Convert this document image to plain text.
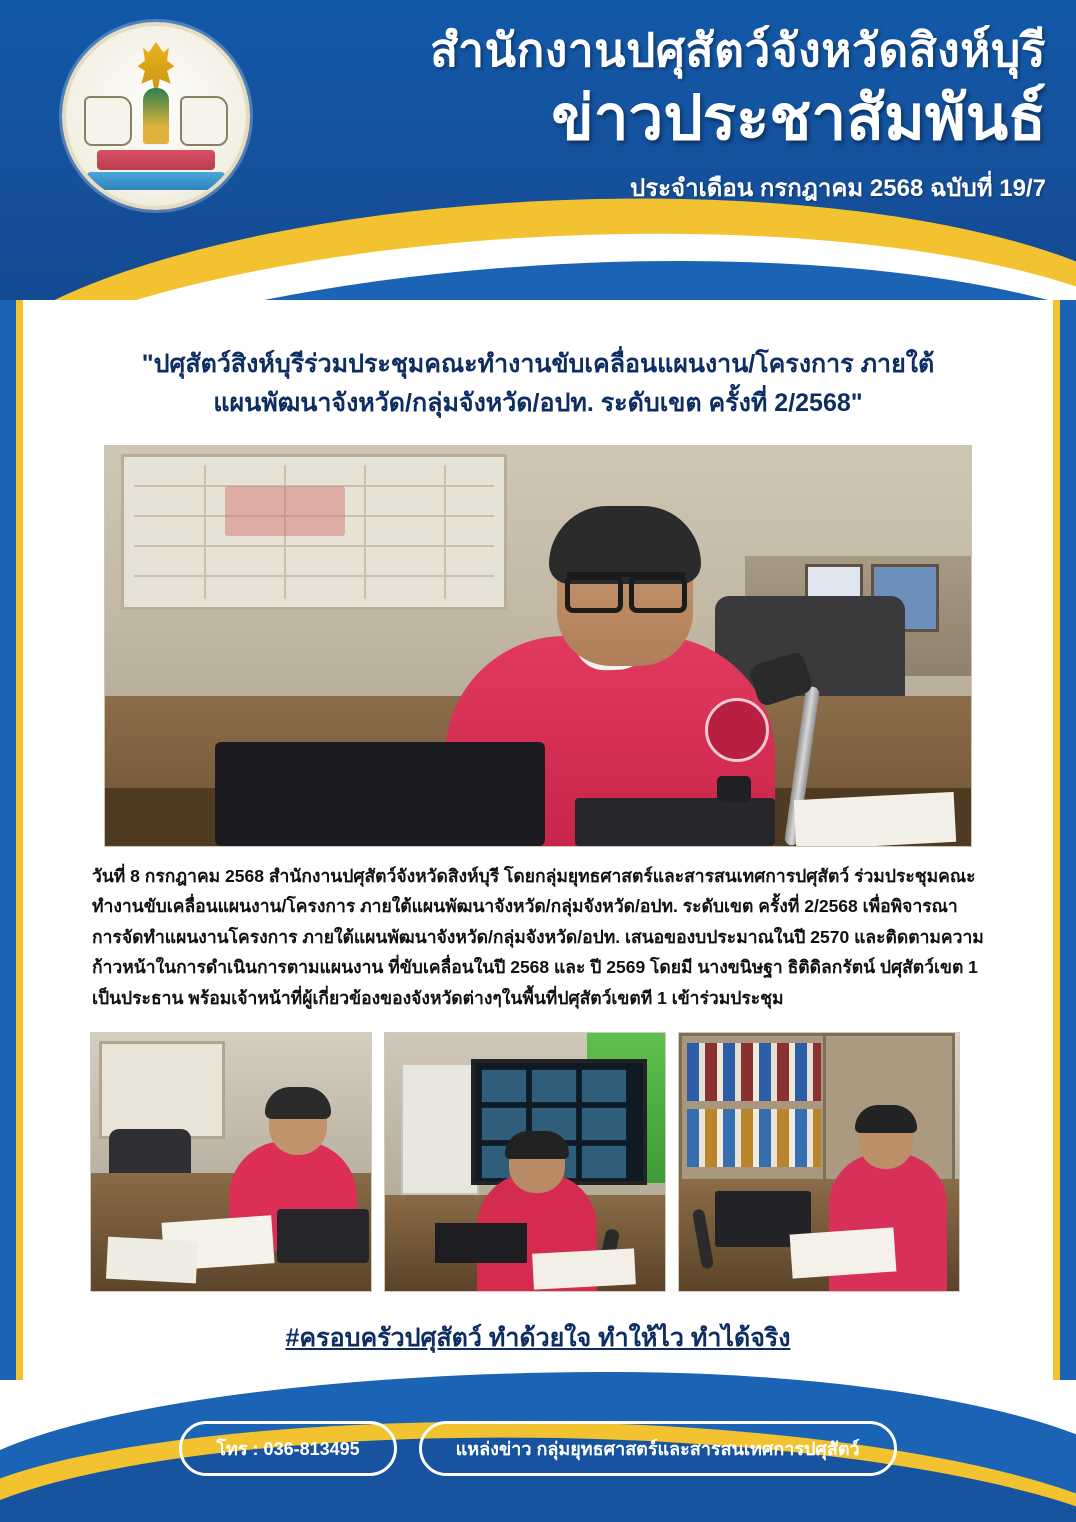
สำนักงานปศุสัตว์จังหวัดสิงห์บุรี
ข่าวประชาสัมพันธ์
ประจำเดือน กรกฎาคม 2568 ฉบับที่ 19/7
"ปศุสัตว์สิงห์บุรีร่วมประชุมคณะทำงานขับเคลื่อนแผนงาน/โครงการ ภายใต้
แผนพัฒนาจังหวัด/กลุ่มจังหวัด/อปท. ระดับเขต ครั้งที่ 2/2568"

วันที่ 8 กรกฎาคม 2568 สำนักงานปศุสัตว์จังหวัดสิงห์บุรี โดยกลุ่มยุทธศาสตร์และสารสนเทศการปศุสัตว์ ร่วมประชุมคณะทำงานขับเคลื่อนแผนงาน/โครงการ ภายใต้แผนพัฒนาจังหวัด/กลุ่มจังหวัด/อปท. ระดับเขต ครั้งที่ 2/2568 เพื่อพิจารณาการจัดทำแผนงานโครงการ ภายใต้แผนพัฒนาจังหวัด/กลุ่มจังหวัด/อปท. เสนอของบประมาณในปี 2570 และติดตามความก้าวหน้าในการดำเนินการตามแผนงาน ที่ขับเคลื่อนในปี 2568 และ ปี 2569 โดยมี นางขนิษฐา ธิติดิลกรัตน์ ปศุสัตว์เขต 1 เป็นประธาน พร้อมเจ้าหน้าที่ผู้เกี่ยวข้องของจังหวัดต่างๆในพื้นที่ปศุสัตว์เขตที 1 เข้าร่วมประชุม

#ครอบครัวปศุสัตว์ ทำด้วยใจ ทำให้ไว ทำได้จริง
โทร : 036-813495	แหล่งข่าว กลุ่มยุทธศาสตร์และสารสนเทศการปศุสัตว์
